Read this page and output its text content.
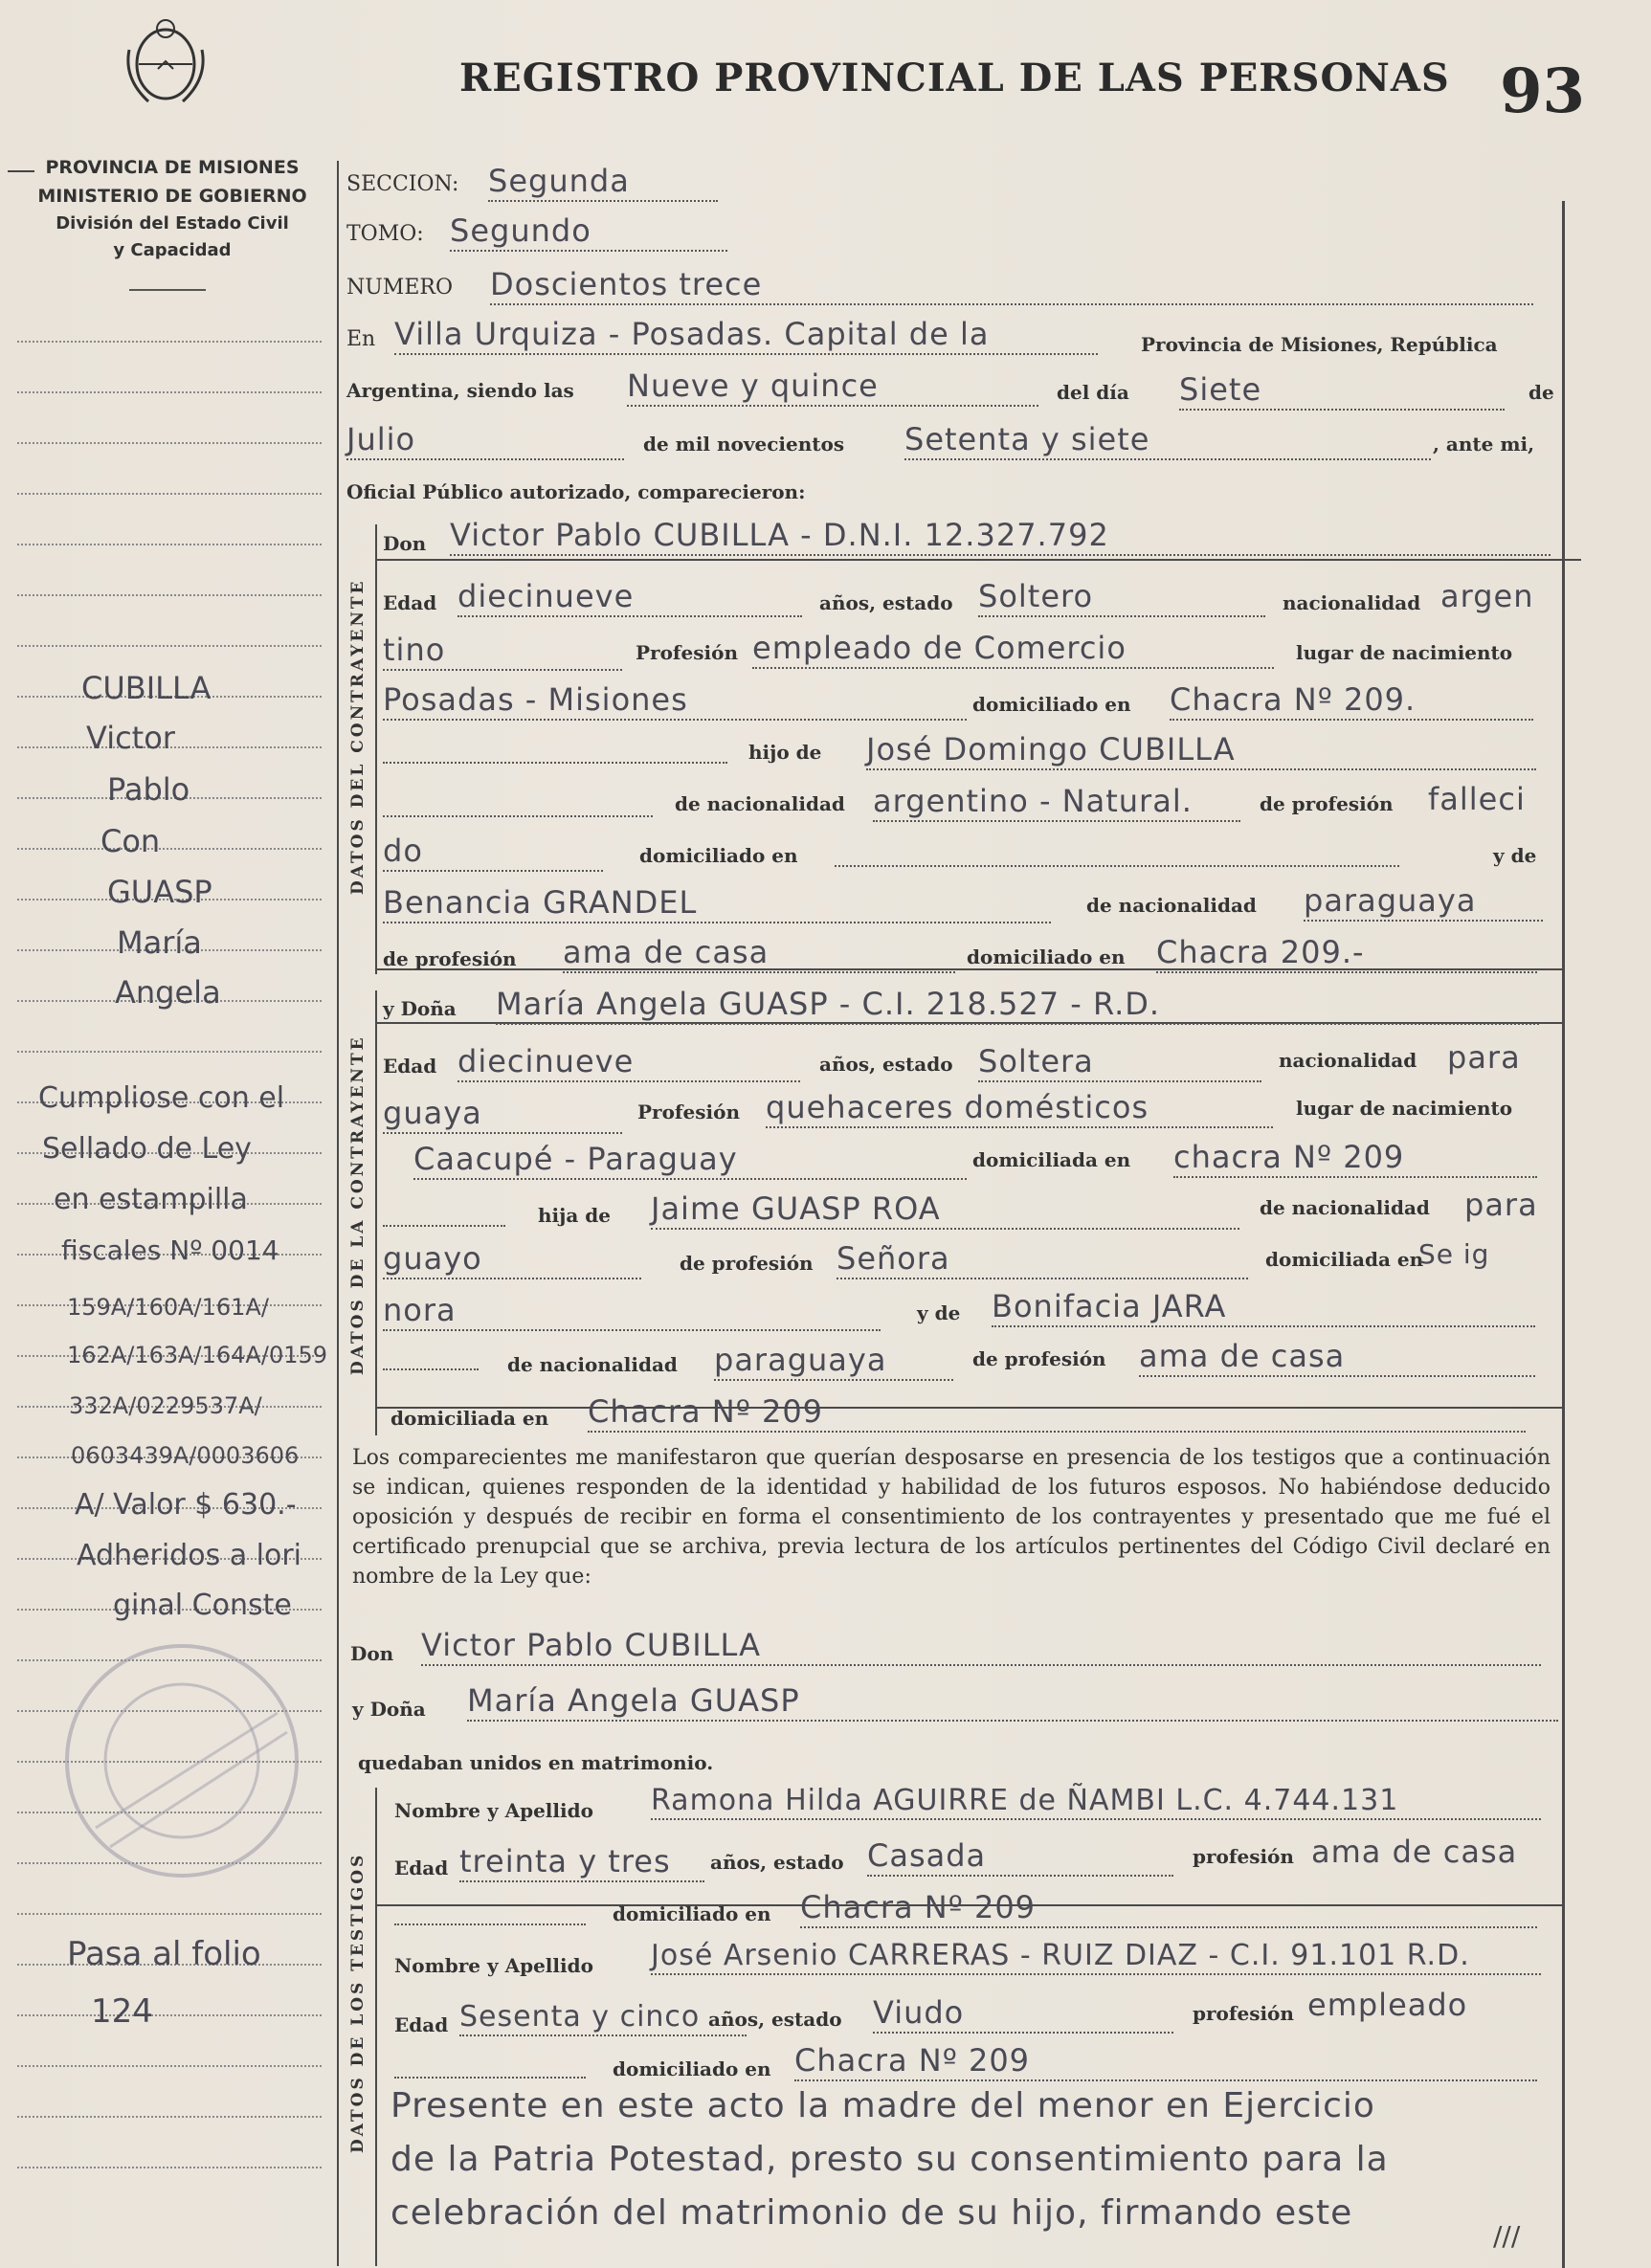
REGISTRO PROVINCIAL DE LAS PERSONAS 93
PROVINCIA DE MISIONES
MINISTERIO DE GOBIERNO
División del Estado Civil
y Capacidad
CUBILLA
Victor
Pablo
Con
GUASP
María
Angela
Cumpliose con el
Sellado de Ley
en estampilla
fiscales Nº 0014
159A/160A/161A/
162A/163A/164A/0159
332A/0229537A/
0603439A/0003606
A/ Valor $ 630.-
Adheridos a lori
ginal Conste
Pasa al folio
124
DATOS DEL CONTRAYENTE
DATOS DE LA CONTRAYENTE
DATOS DE LOS TESTIGOS
SECCION: Segunda
TOMO: Segundo
NUMERO Doscientos trece
En Villa Urquiza - Posadas. Capital de la	Provincia de Misiones, República
Argentina, siendo las Nueve y quince	del día Siete	de
Julio	de mil novecientos Setenta y siete	, ante mi,
Oficial Público autorizado, comparecieron:
Don Victor Pablo CUBILLA - D.N.I. 12.327.792
Edad diecinueve	años, estado Soltero	nacionalidad argen
tino	Profesión empleado de Comercio	lugar de nacimiento
Posadas - Misiones	domiciliado en Chacra Nº 209.
hijo de José Domingo CUBILLA
de nacionalidad argentino - Natural.	de profesión falleci
do	domiciliado en	y de
Benancia GRANDEL	de nacionalidad paraguaya
de profesión ama de casa	domiciliado en Chacra 209.-
y Doña María Angela GUASP - C.I. 218.527 - R.D.
Edad diecinueve	años, estado Soltera	nacionalidad para
guaya	Profesión quehaceres domésticos	lugar de nacimiento
Caacupé - Paraguay	domiciliada en chacra Nº 209
hija de Jaime GUASP ROA	de nacionalidad para
guayo	de profesión Señora	domiciliada en
Se ig
nora	y de Bonifacia JARA
de nacionalidad paraguaya	de profesión ama de casa
domiciliada en Chacra Nº 209
Los comparecientes me manifestaron que querían desposarse en presencia de los testigos que a continuación se indican, quienes responden de la identidad y habilidad de los futuros esposos. No habiéndose deducido oposición y después de recibir en forma el consentimiento de los contrayentes y presentado que me fué el certificado prenupcial que se archiva, previa lectura de los artículos pertinentes del Código Civil declaré en nombre de la Ley que:
Don Victor Pablo CUBILLA
y Doña María Angela GUASP
quedaban unidos en matrimonio.
Nombre y Apellido Ramona Hilda AGUIRRE de ÑAMBI L.C. 4.744.131
Edad treinta y tres	años, estado Casada	profesión ama de casa
domiciliado en Chacra Nº 209
Nombre y Apellido José Arsenio CARRERAS - RUIZ DIAZ - C.I. 91.101 R.D.
Edad Sesenta y cinco años, estado Viudo	profesión empleado
domiciliado en Chacra Nº 209
Presente en este acto la madre del menor en Ejercicio
de la Patria Potestad, presto su consentimiento para la
celebración del matrimonio de su hijo, firmando este
///
